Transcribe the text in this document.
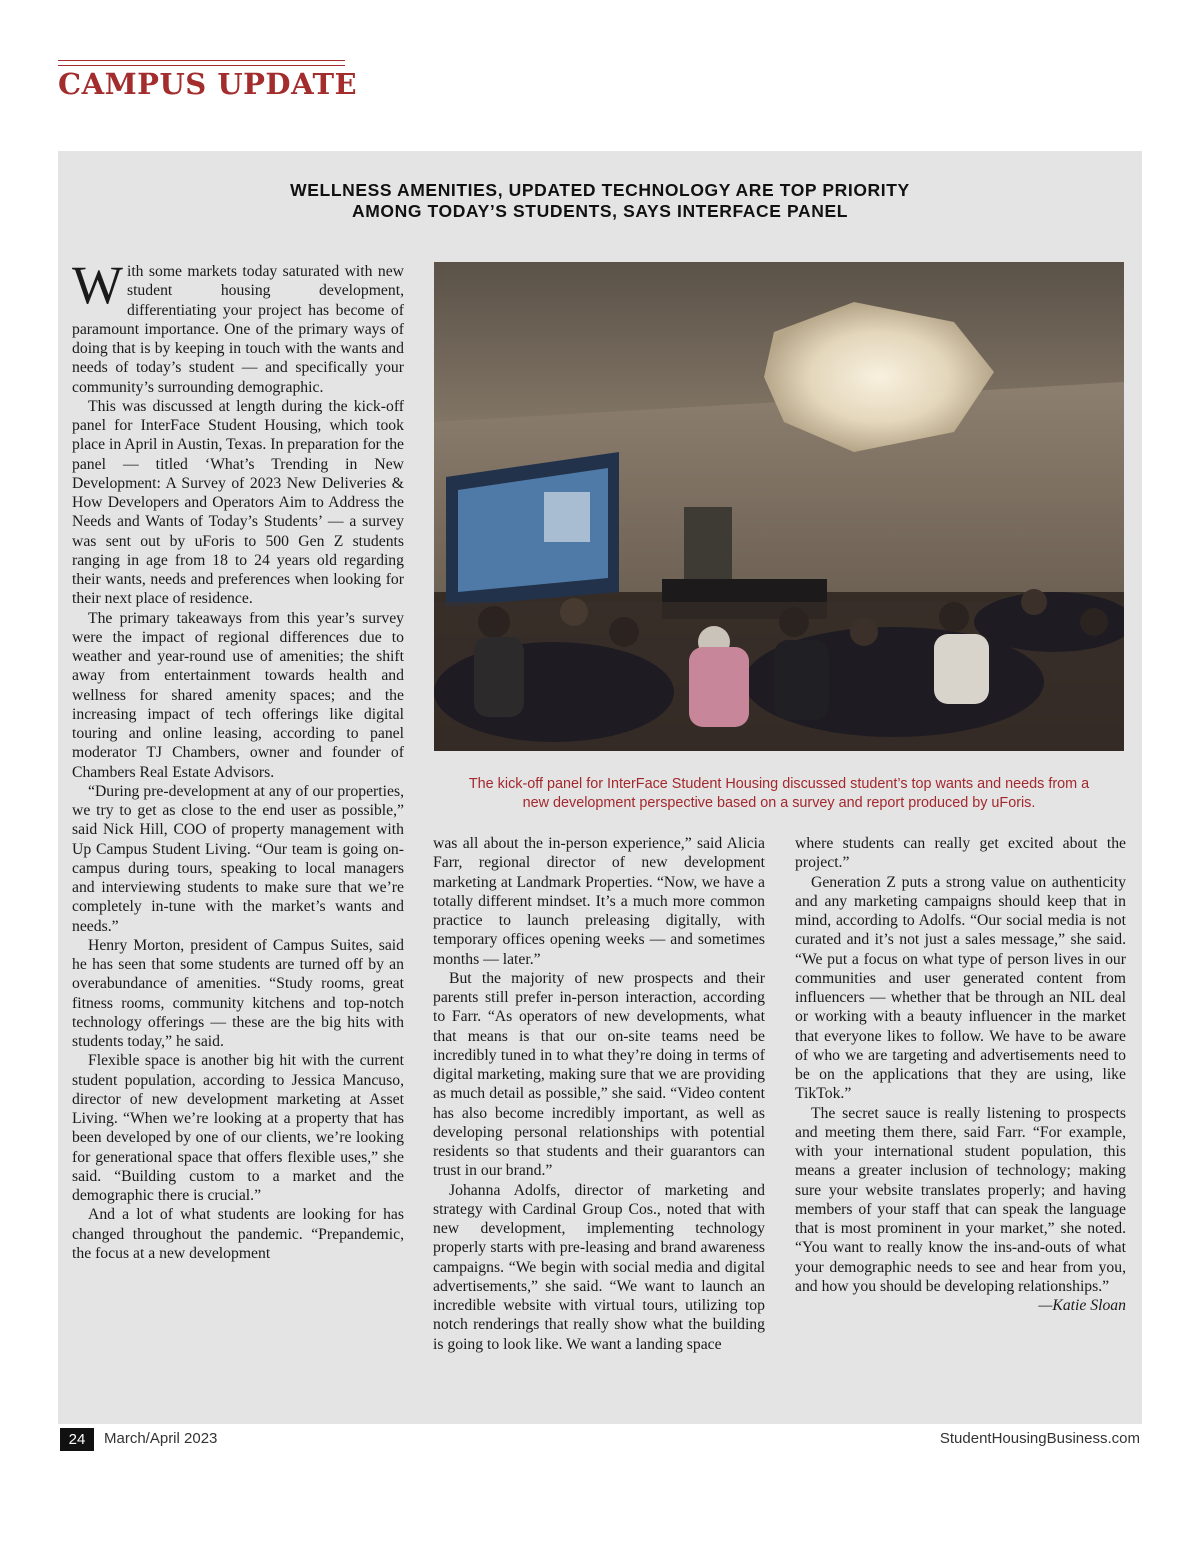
CAMPUS UPDATE
WELLNESS AMENITIES, UPDATED TECHNOLOGY ARE TOP PRIORITY
AMONG TODAY’S STUDENTS, SAYS INTERFACE PANEL

With some markets today saturated with new student housing development, differentiating your project has become of paramount importance. One of the primary ways of doing that is by keeping in touch with the wants and needs of today’s student — and specifically your community’s surrounding demographic.

This was discussed at length during the kick-off panel for InterFace Student Housing, which took place in April in Austin, Texas. In preparation for the panel — titled ‘What’s Trending in New Development: A Survey of 2023 New Deliveries & How Developers and Operators Aim to Address the Needs and Wants of Today’s Students’ — a survey was sent out by uForis to 500 Gen Z students ranging in age from 18 to 24 years old regarding their wants, needs and preferences when looking for their next place of residence.

The primary takeaways from this year’s survey were the impact of regional differences due to weather and year-round use of amenities; the shift away from entertainment towards health and wellness for shared amenity spaces; and the increasing impact of tech offerings like digital touring and online leasing, according to panel moderator TJ Chambers, owner and founder of Chambers Real Estate Advisors.

“During pre-development at any of our properties, we try to get as close to the end user as possible,” said Nick Hill, COO of property management with Up Campus Student Living. “Our team is going on-campus during tours, speaking to local managers and interviewing students to make sure that we’re completely in-tune with the market’s wants and needs.”

Henry Morton, president of Campus Suites, said he has seen that some students are turned off by an overabundance of amenities. “Study rooms, great fitness rooms, community kitchens and top-notch technology offerings — these are the big hits with students today,” he said.

Flexible space is another big hit with the current student population, according to Jessica Mancuso, director of new development marketing at Asset Living. “When we’re looking at a property that has been developed by one of our clients, we’re looking for generational space that offers flexible uses,” she said. “Building custom to a market and the demographic there is crucial.”

And a lot of what students are looking for has changed throughout the pandemic. “Prepandemic, the focus at a new development

The kick-off panel for InterFace Student Housing discussed student’s top wants and needs from a
new development perspective based on a survey and report produced by uForis.

was all about the in-person experience,” said Alicia Farr, regional director of new development marketing at Landmark Properties. “Now, we have a totally different mindset. It’s a much more common practice to launch preleasing digitally, with temporary offices opening weeks — and sometimes months — later.”

But the majority of new prospects and their parents still prefer in-person interaction, according to Farr. “As operators of new developments, what that means is that our on-site teams need be incredibly tuned in to what they’re doing in terms of digital marketing, making sure that we are providing as much detail as possible,” she said. “Video content has also become incredibly important, as well as developing personal relationships with potential residents so that students and their guarantors can trust in our brand.”

Johanna Adolfs, director of marketing and strategy with Cardinal Group Cos., noted that with new development, implementing technology properly starts with pre-leasing and brand awareness campaigns. “We begin with social media and digital advertisements,” she said. “We want to launch an incredible website with virtual tours, utilizing top notch renderings that really show what the building is going to look like. We want a landing space

where students can really get excited about the project.”

Generation Z puts a strong value on authenticity and any marketing campaigns should keep that in mind, according to Adolfs. “Our social media is not curated and it’s not just a sales message,” she said. “We put a focus on what type of person lives in our communities and user generated content from influencers — whether that be through an NIL deal or working with a beauty influencer in the market that everyone likes to follow. We have to be aware of who we are targeting and advertisements need to be on the applications that they are using, like TikTok.”

The secret sauce is really listening to prospects and meeting them there, said Farr. “For example, with your international student population, this means a greater inclusion of technology; making sure your website translates properly; and having members of your staff that can speak the language that is most prominent in your market,” she noted. “You want to really know the ins-and-outs of what your demographic needs to see and hear from you, and how you should be developing relationships.”

—Katie Sloan

24	March/April 2023	StudentHousingBusiness.com
